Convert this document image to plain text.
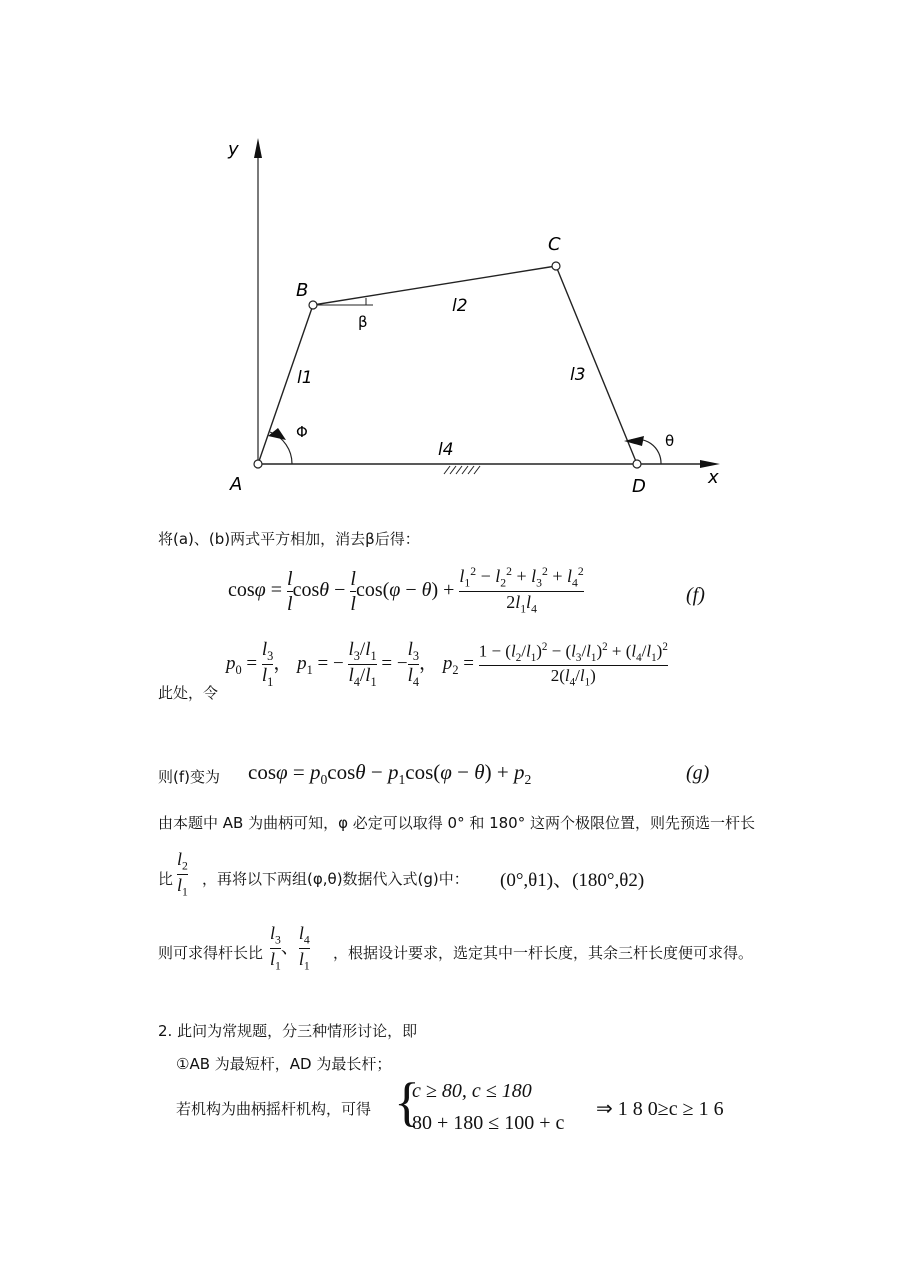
y
x
A
B
C
D
l1
l2
l3
l4
Φ	θ
β
将(a)、(b)两式平方相加，消去β后得：
$\cos\varphi = \frac{l}{l}$ $\cos\theta - \frac{l}{l} \cos(\varphi - \theta) + \frac{l_1^2 - l_2^2 + l_3^2 + l_4^2}{2l_1l_4}$	(f)
此处，令
$p_0 = \frac{l_3}{l_1}$ ， $p_1$ = − $\frac{l_3/l_1}{l_4/l_1}$ = − $\frac{l_3}{l_4}$ ， $p_2 = \frac{1 - (l_2/l_1)^2 - (l_3/l_1)^2 + (l_4/l_1)^2}{2(l_4/l_1)}$
则(f)变为 $\cos\varphi = p_0\cos\theta - p_1\cos(\varphi - \theta) + p_2$	(g)
由本题中 AB 为曲柄可知，φ 必定可以取得 0° 和 180° 这两个极限位置，则先预选一杆长
比 $\frac{l_2}{l_1}$ ，再将以下两组(φ,θ)数据代入式(g)中： (0°,θ1)、(180°,θ2)
则可求得杆长比 $\frac{l_3}{l_1}$ 、 $\frac{l_4}{l_1}$ ，根据设计要求，选定其中一杆长度，其余三杆长度便可求得。
2. 此问为常规题，分三种情形讨论，即
①AB 为最短杆，AD 为最长杆；
若机构为曲柄摇杆机构，可得 {
c ≥ 80, c ≤ 180
80 + 180 ≤ 100 + c
⇒ 1 8 0≥c ≥ 1 6
